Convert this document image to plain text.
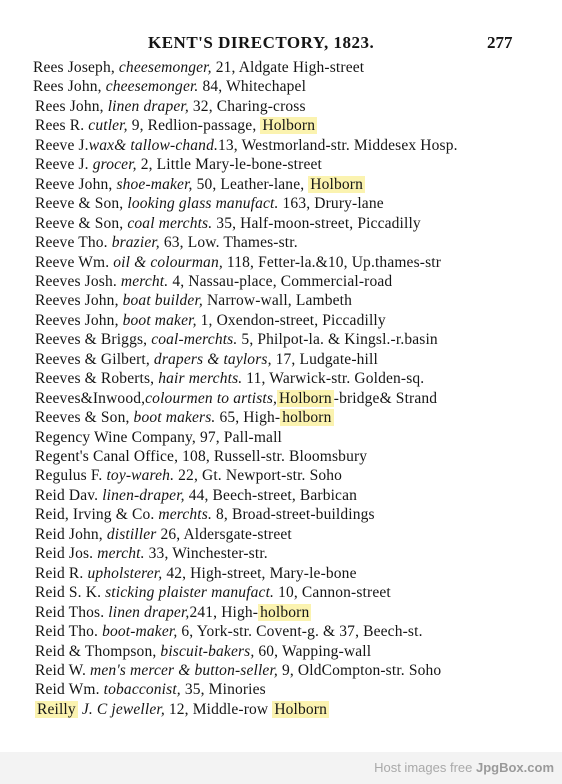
KENT'S DIRECTORY, 1823.	277
Rees Joseph, cheesemonger, 21, Aldgate High-street
Rees John, cheesemonger. 84, Whitechapel
Rees John, linen draper, 32, Charing-cross
Rees R. cutler, 9, Redlion-passage, Holborn
Reeve J.wax& tallow-chand.13, Westmorland-str. Middesex Hosp.
Reeve J. grocer, 2, Little Mary-le-bone-street
Reeve John, shoe-maker, 50, Leather-lane, Holborn
Reeve & Son, looking glass manufact. 163, Drury-lane
Reeve & Son, coal merchts. 35, Half-moon-street, Piccadilly
Reeve Tho. brazier, 63, Low. Thames-str.
Reeve Wm. oil & colourman, 118, Fetter-la.&10, Up.thames-str
Reeves Josh. mercht. 4, Nassau-place, Commercial-road
Reeves John, boat builder, Narrow-wall, Lambeth
Reeves John, boot maker, 1, Oxendon-street, Piccadilly
Reeves & Briggs, coal-merchts. 5, Philpot-la. & Kingsl.-r.basin
Reeves & Gilbert, drapers & taylors, 17, Ludgate-hill
Reeves & Roberts, hair merchts. 11, Warwick-str. Golden-sq.
Reeves&Inwood,colourmen to artists, Holborn -bridge& Strand
Reeves & Son, boot makers. 65, High- holborn
Regency Wine Company, 97, Pall-mall
Regent's Canal Office, 108, Russell-str. Bloomsbury
Regulus F. toy-wareh. 22, Gt. Newport-str. Soho
Reid Dav. linen-draper, 44, Beech-street, Barbican
Reid, Irving & Co. merchts. 8, Broad-street-buildings
Reid John, distiller 26, Aldersgate-street
Reid Jos. mercht. 33, Winchester-str.
Reid R. upholsterer, 42, High-street, Mary-le-bone
Reid S. K. sticking plaister manufact. 10, Cannon-street
Reid Thos. linen draper,241, High- holborn
Reid Tho. boot-maker, 6, York-str. Covent-g. & 37, Beech-st.
Reid & Thompson, biscuit-bakers, 60, Wapping-wall
Reid W. men's mercer & button-seller, 9, OldCompton-str. Soho
Reid Wm. tobacconist, 35, Minories
Reilly J. C jeweller, 12, Middle-row Holborn
Host images free JpgBox.com
